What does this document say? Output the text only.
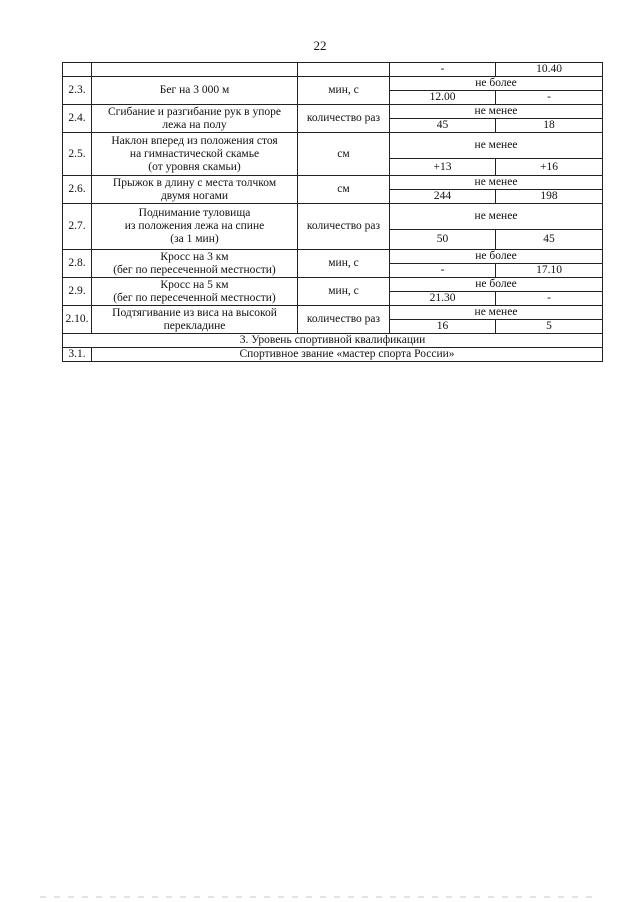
22
			-	10.40
2.3.	Бег на 3 000 м	мин, с	не более	
			12.00	-
2.4.	Сгибание и разгибание рук в упоре
лежа на полу	количество раз	не менее	
			45	18
2.5.	Наклон вперед из положения стоя
на гимнастической скамье
(от уровня скамьи)	см	не менее	
			+13	+16
2.6.	Прыжок в длину с места толчком
двумя ногами	см	не менее	
			244	198
2.7.	Поднимание туловища
из положения лежа на спине
(за 1 мин)	количество раз	не менее	
			50	45
2.8.	Кросс на 3 км
(бег по пересеченной местности)	мин, с	не более	
			-	17.10
2.9.	Кросс на 5 км
(бег по пересеченной местности)	мин, с	не более	
			21.30	-
2.10.	Подтягивание из виса на высокой
перекладине	количество раз	не менее	
			16	5
3. Уровень спортивной квалификации				
3.1.	Спортивное звание «мастер спорта России»			
